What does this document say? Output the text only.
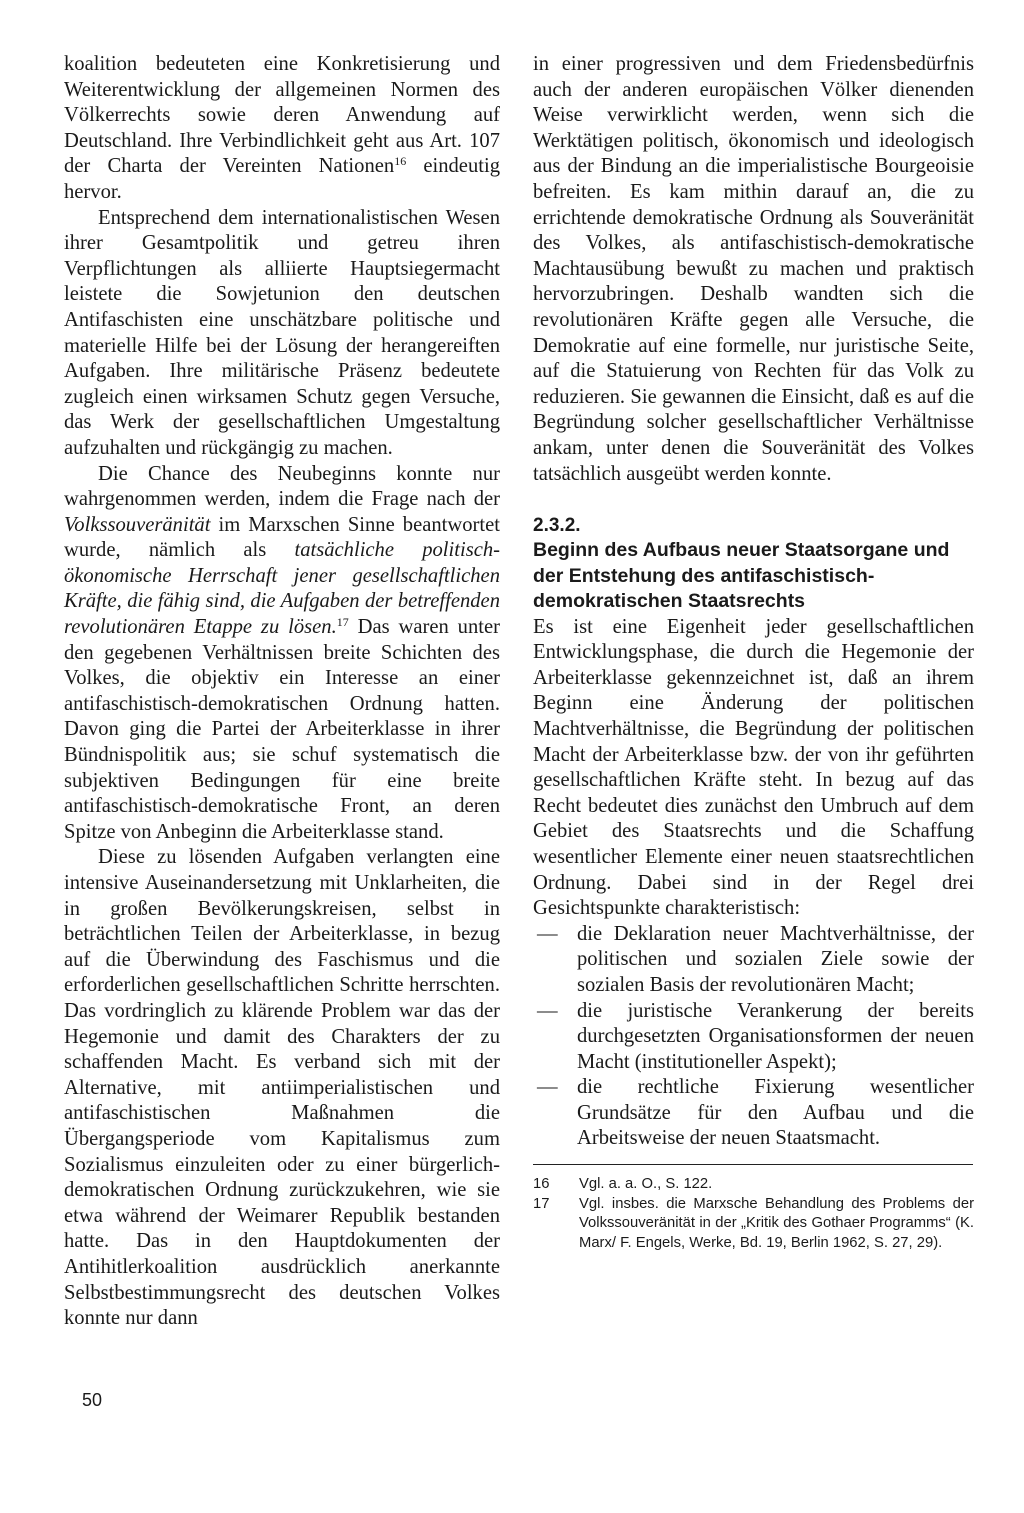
koalition bedeuteten eine Konkretisierung und Weiterentwicklung der allgemeinen Normen des Völkerrechts sowie deren Anwendung auf Deutschland. Ihre Verbindlichkeit geht aus Art. 107 der Charta der Vereinten Nationen$^{16}$ eindeutig hervor.

Entsprechend dem internationalistischen Wesen ihrer Gesamtpolitik und getreu ihren Verpflichtungen als alliierte Hauptsiegermacht leistete die Sowjetunion den deutschen Antifaschisten eine unschätzbare politische und materielle Hilfe bei der Lösung der herangereiften Aufgaben. Ihre militärische Präsenz bedeutete zugleich einen wirksamen Schutz gegen Versuche, das Werk der gesellschaftlichen Umgestaltung aufzuhalten und rückgängig zu machen.

Die Chance des Neubeginns konnte nur wahrgenommen werden, indem die Frage nach der Volkssouveränität im Marxschen Sinne beantwortet wurde, nämlich als tatsächliche politisch-ökonomische Herrschaft jener gesellschaftlichen Kräfte, die fähig sind, die Aufgaben der betreffenden revolutionären Etappe zu lösen.$^{17}$ Das waren unter den gegebenen Verhältnissen breite Schichten des Volkes, die objektiv ein Interesse an einer antifaschistisch-demokratischen Ordnung hatten. Davon ging die Partei der Arbeiterklasse in ihrer Bündnispolitik aus; sie schuf systematisch die subjektiven Bedingungen für eine breite antifaschistisch-demokratische Front, an deren Spitze von Anbeginn die Arbeiterklasse stand.

Diese zu lösenden Aufgaben verlangten eine intensive Auseinandersetzung mit Unklarheiten, die in großen Bevölkerungskreisen, selbst in beträchtlichen Teilen der Arbeiterklasse, in bezug auf die Überwindung des Faschismus und die erforderlichen gesellschaftlichen Schritte herrschten. Das vordringlich zu klärende Problem war das der Hegemonie und damit des Charakters der zu schaffenden Macht. Es verband sich mit der Alternative, mit antiimperialistischen und antifaschistischen Maßnahmen die Übergangsperiode vom Kapitalismus zum Sozialismus einzuleiten oder zu einer bürgerlich-demokratischen Ordnung zurückzukehren, wie sie etwa während der Weimarer Republik bestanden hatte. Das in den Hauptdokumenten der Antihitlerkoalition ausdrücklich anerkannte Selbstbestimmungsrecht des deutschen Volkes konnte nur dann

in einer progressiven und dem Friedensbedürfnis auch der anderen europäischen Völker dienenden Weise verwirklicht werden, wenn sich die Werktätigen politisch, ökonomisch und ideologisch aus der Bindung an die imperialistische Bourgeoisie befreiten. Es kam mithin darauf an, die zu errichtende demokratische Ordnung als Souveränität des Volkes, als antifaschistisch-demokratische Machtausübung bewußt zu machen und praktisch hervorzubringen. Deshalb wandten sich die revolutionären Kräfte gegen alle Versuche, die Demokratie auf eine formelle, nur juristische Seite, auf die Statuierung von Rechten für das Volk zu reduzieren. Sie gewannen die Einsicht, daß es auf die Begründung solcher gesellschaftlicher Verhältnisse ankam, unter denen die Souveränität des Volkes tatsächlich ausgeübt werden konnte.

2.3.2.
Beginn des Aufbaus neuer Staatsorgane und der Entstehung des antifaschistisch-demokratischen Staatsrechts

Es ist eine Eigenheit jeder gesellschaftlichen Entwicklungsphase, die durch die Hegemonie der Arbeiterklasse gekennzeichnet ist, daß an ihrem Beginn eine Änderung der politischen Machtverhältnisse, die Begründung der politischen Macht der Arbeiterklasse bzw. der von ihr geführten gesellschaftlichen Kräfte steht. In bezug auf das Recht bedeutet dies zunächst den Umbruch auf dem Gebiet des Staatsrechts und die Schaffung wesentlicher Elemente einer neuen staatsrechtlichen Ordnung. Dabei sind in der Regel drei Gesichtspunkte charakteristisch:

— die Deklaration neuer Machtverhältnisse, der politischen und sozialen Ziele sowie der sozialen Basis der revolutionären Macht;
— die juristische Verankerung der bereits durchgesetzten Organisationsformen der neuen Macht (institutioneller Aspekt);
— die rechtliche Fixierung wesentlicher Grundsätze für den Aufbau und die Arbeitsweise der neuen Staatsmacht.
16 Vgl. a. a. O., S. 122.
17 Vgl. insbes. die Marxsche Behandlung des Problems der Volkssouveränität in der „Kritik des Gothaer Programms“ (K. Marx/ F. Engels, Werke, Bd. 19, Berlin 1962, S. 27, 29).
50
